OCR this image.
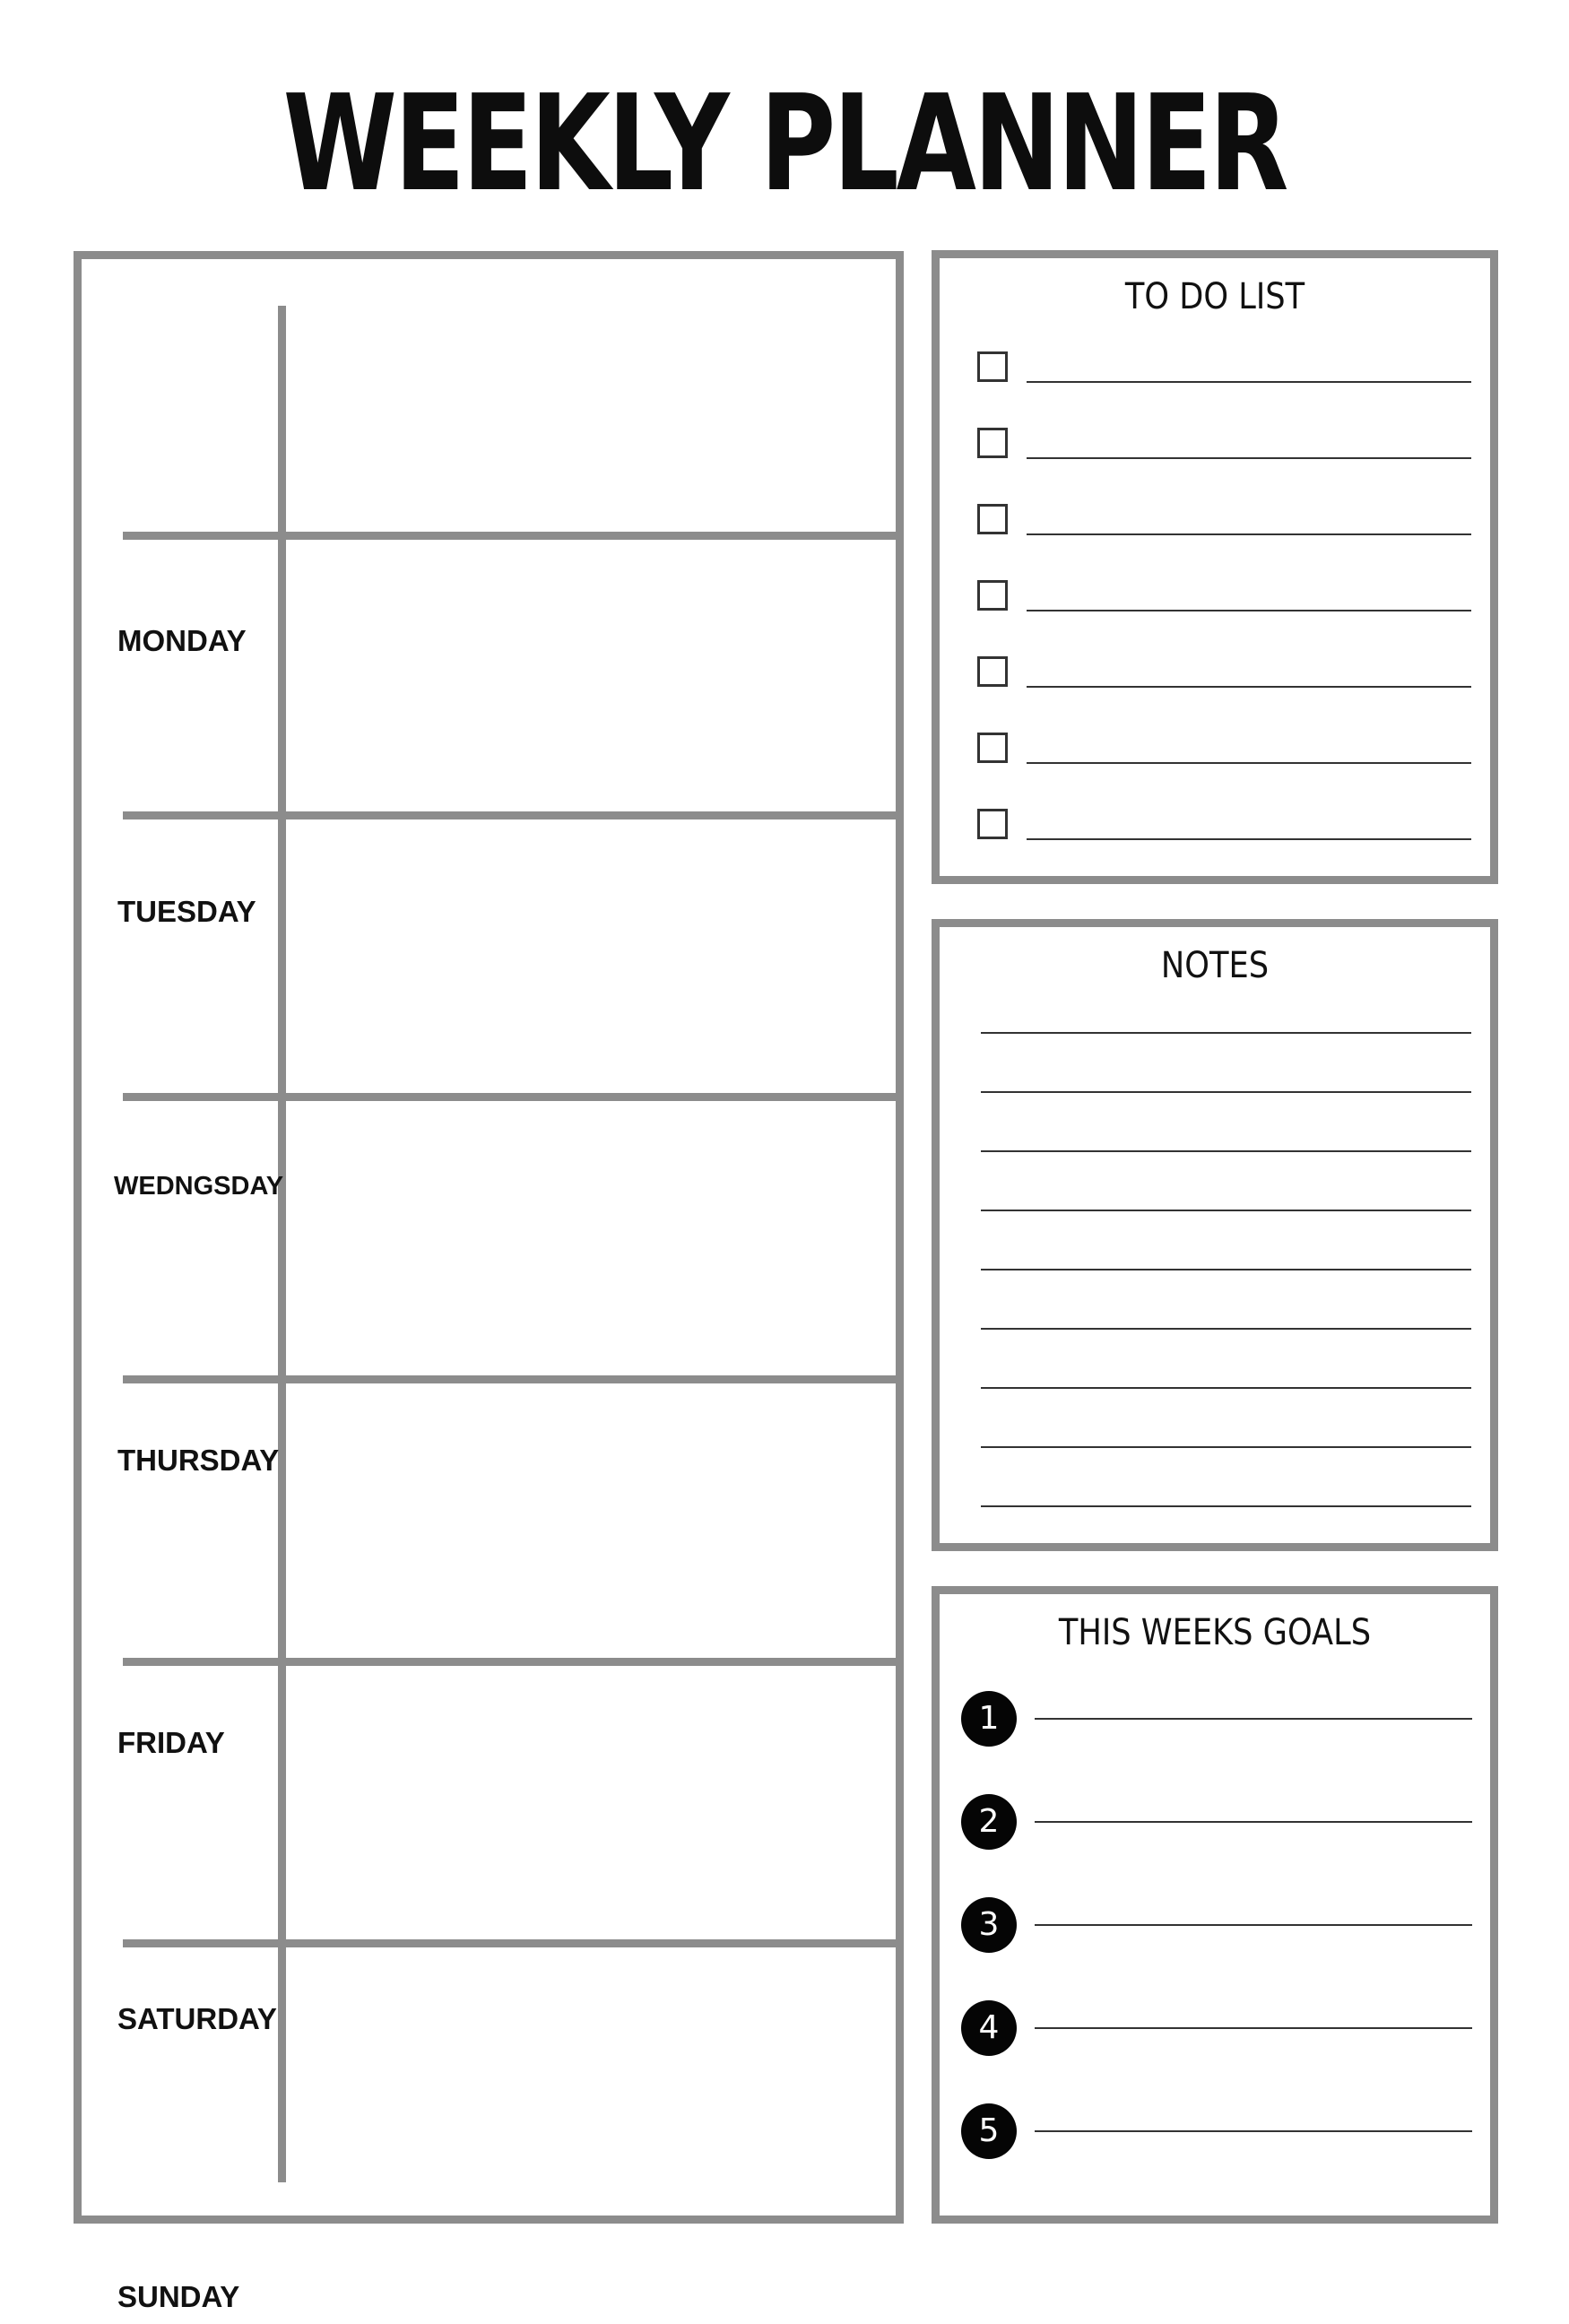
WEEKLY PLANNER
MONDAY
TUESDAY
WEDNGSDAY
THURSDAY
FRIDAY
SATURDAY
SUNDAY
TO DO LIST
NOTES
THIS WEEKS GOALS
1
2
3
4
5
